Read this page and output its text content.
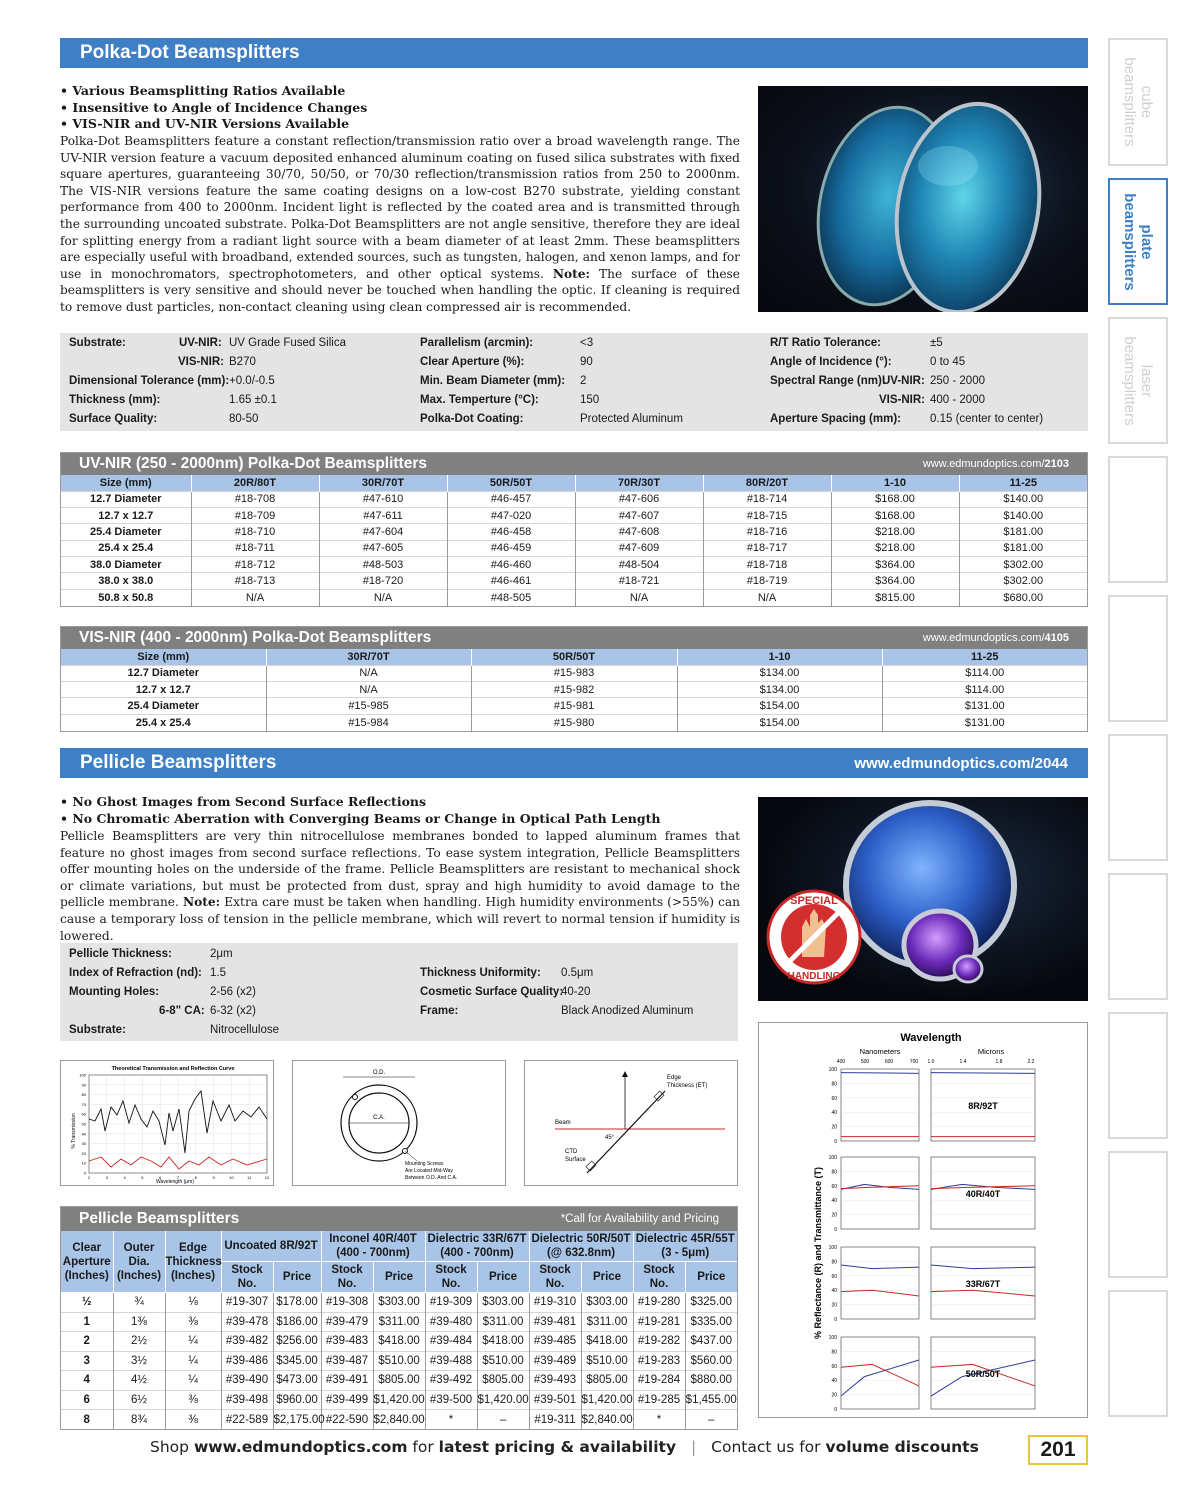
cube
beamsplitters
plate
beamsplitters
laser
beamsplitters
Polka-Dot Beamsplitters
• Various Beamsplitting Ratios Available
• Insensitive to Angle of Incidence Changes
• VIS-NIR and UV-NIR Versions Available
Polka-Dot Beamsplitters feature a constant reflection/transmission ratio over a broad wavelength range. The UV-NIR version feature a vacuum deposited enhanced aluminum coating on fused silica substrates with fixed square apertures, guaranteeing 30/70, 50/50, or 70/30 reflection/transmission ratios from 250 to 2000nm. The VIS-NIR versions feature the same coating designs on a low-cost B270 substrate, yielding constant performance from 400 to 2000nm. Incident light is reflected by the coated area and is transmitted through the surrounding uncoated substrate. Polka-Dot Beamsplitters are not angle sensitive, therefore they are ideal for splitting energy from a radiant light source with a beam diameter of at least 2mm. These beamsplitters are especially useful with broadband, extended sources, such as tungsten, halogen, and xenon lamps, and for use in monochromators, spectrophotometers, and other optical systems. Note: The surface of these beamsplitters is very sensitive and should never be touched when handling the optic. If cleaning is required to remove dust particles, non-contact cleaning using clean compressed air is recommended.
Substrate:	UV-NIR: UV Grade Fused Silica	Parallelism (arcmin):	<3	R/T Ratio Tolerance:	±5
VIS-NIR: B270	Clear Aperture (%):	90	Angle of Incidence (°):	0 to 45
Dimensional Tolerance (mm): +0.0/-0.5	Min. Beam Diameter (mm): 2	Spectral Range (nm):
UV-NIR: 250 - 2000
Thickness (mm):	1.65 ±0.1	Max. Temperture (°C):	150	VIS-NIR: 400 - 2000
Surface Quality:	80-50	Polka-Dot Coating:	Protected Aluminum	Aperture Spacing (mm):	0.15 (center to center)
UV-NIR (250 - 2000nm) Polka-Dot Beamsplitters	www.edmundoptics.com/2103
Size (mm)	20R/80T	30R/70T	50R/50T	70R/30T	80R/20T	1-10	11-25
12.7 Diameter	#18-708	#47-610	#46-457	#47-606	#18-714	$168.00	$140.00
12.7 x 12.7	#18-709	#47-611	#47-020	#47-607	#18-715	$168.00	$140.00
25.4 Diameter	#18-710	#47-604	#46-458	#47-608	#18-716	$218.00	$181.00
25.4 x 25.4	#18-711	#47-605	#46-459	#47-609	#18-717	$218.00	$181.00
38.0 Diameter	#18-712	#48-503	#46-460	#48-504	#18-718	$364.00	$302.00
38.0 x 38.0	#18-713	#18-720	#46-461	#18-721	#18-719	$364.00	$302.00
50.8 x 50.8	N/A	N/A	#48-505	N/A	N/A	$815.00	$680.00
VIS-NIR (400 - 2000nm) Polka-Dot Beamsplitters	www.edmundoptics.com/4105
Size (mm)	30R/70T	50R/50T	1-10	11-25
12.7 Diameter	N/A	#15-983	$134.00	$114.00
12.7 x 12.7	N/A	#15-982	$134.00	$114.00
25.4 Diameter	#15-985	#15-981	$154.00	$131.00
25.4 x 25.4	#15-984	#15-980	$154.00	$131.00
Pellicle Beamsplitters	www.edmundoptics.com/2044
• No Ghost Images from Second Surface Reflections
• No Chromatic Aberration with Converging Beams or Change in Optical Path Length
Pellicle Beamsplitters are very thin nitrocellulose membranes bonded to lapped aluminum frames that feature no ghost images from second surface reflections. To ease system integration, Pellicle Beamsplitters offer mounting holes on the underside of the frame. Pellicle Beamsplitters are resistant to mechanical shock or climate variations, but must be protected from dust, spray and high humidity to avoid damage to the pellicle membrane. Note: Extra care must be taken when handling. High humidity environments (>55%) can cause a temporary loss of tension in the pellicle membrane, which will revert to normal tension if humidity is lowered.
SPECIAL
HANDLING
Pellicle Thickness:	2μm
Index of Refraction (nd): 1.5	Thickness Uniformity: 0.5μm
Mounting Holes:	2-56 (x2)	Cosmetic Surface Quality:
40-20
6-8" CA: 6-32 (x2)	Frame:	Black Anodized Aluminum
Substrate:	Nitrocellulose
Theoretical Transmission and Reflection Curve
% Transmission
Wavelength (μm)
100
90
80
70
60
50
40
30
20
10
0
2	3	4	5	6	7	8	9	10	11	12
O.D.
C.A.
Mounting Screws
Are Located Mid-Way
Between O.D. And C.A.
Edge
Thickness (ET)
Beam
45°
CTD
Surface
Pellicle Beamsplitters	*Call for Availability and Pricing
Clear Aperture (Inches)	Outer Dia. (Inches)	Edge Thickness (Inches)	Uncoated 8R/92T		Inconel 40R/40T (400 - 700nm)		Dielectric 33R/67T (400 - 700nm)		Dielectric 50R/50T (@ 632.8nm)		Dielectric 45R/55T (3 - 5μm)	
			Stock No.	Price	Stock No.	Price	Stock No.	Price	Stock No.	Price	Stock No.	Price
½	¾	⅛	#19-307	$178.00	#19-308	$303.00	#19-309	$303.00	#19-310	$303.00	#19-280	$325.00
1	1⅜	⅜	#39-478	$186.00	#39-479	$311.00	#39-480	$311.00	#39-481	$311.00	#19-281	$335.00
2	2½	¼	#39-482	$256.00	#39-483	$418.00	#39-484	$418.00	#39-485	$418.00	#19-282	$437.00
3	3½	¼	#39-486	$345.00	#39-487	$510.00	#39-488	$510.00	#39-489	$510.00	#19-283	$560.00
4	4½	¼	#39-490	$473.00	#39-491	$805.00	#39-492	$805.00	#39-493	$805.00	#19-284	$880.00
6	6½	⅜	#39-498	$960.00	#39-499	$1,420.00	#39-500	$1,420.00	#39-501	$1,420.00	#19-285	$1,455.00
8	8¾	⅜	#22-589	$2,175.00	#22-590	$2,840.00	*	–	#19-311	$2,840.00	*	–
Wavelength
Nanometers	Microns
% Reflectance (R) and Transmittance (T)
400	500	600	700 1.0	1.4	1.8	2.2
100
80
60
40
20
0
8R/92T
100
80
60
40
20
0
40R/40T
100
80
60
40
20
0
33R/67T
100
80
60
40
20
0
50R/50T
Shop www.edmundoptics.com for latest pricing & availability | Contact us for volume discounts	201
